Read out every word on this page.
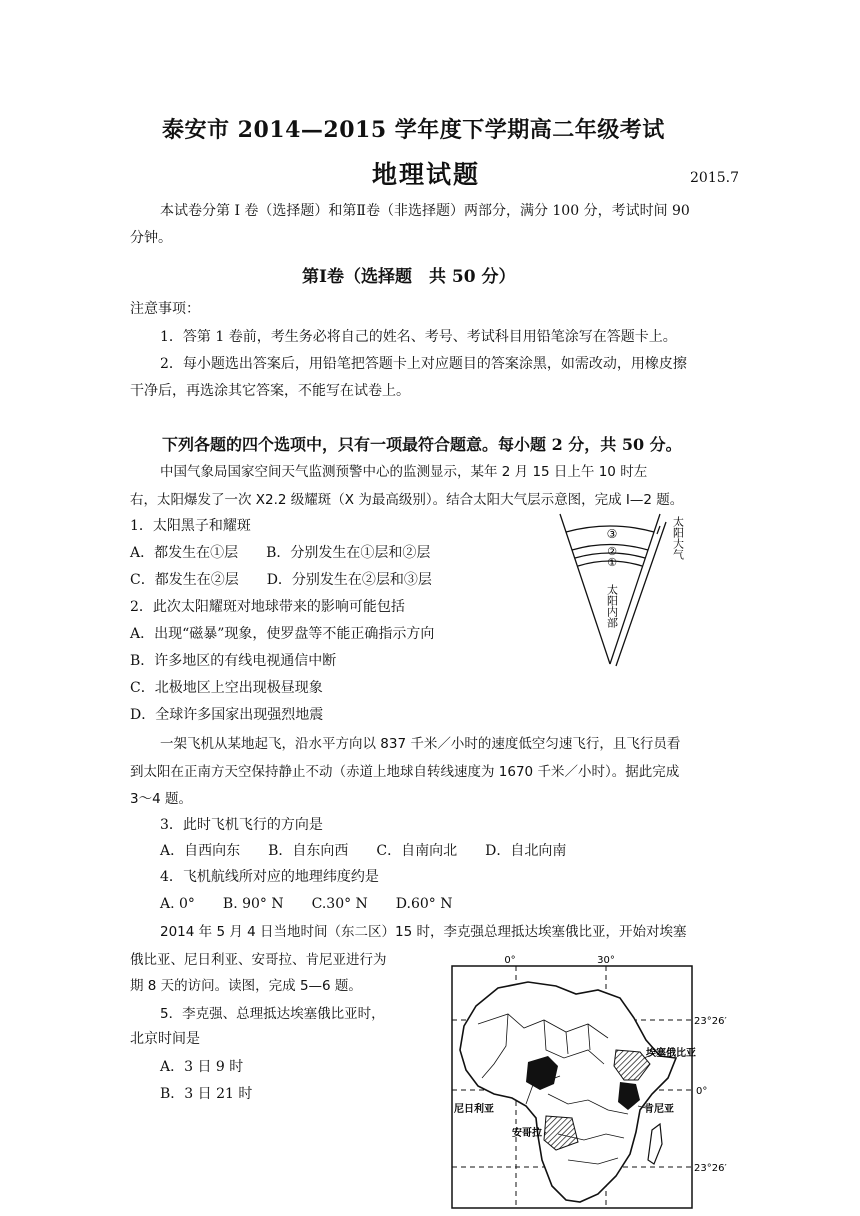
泰安市 2014—2015 学年度下学期高二年级考试
地理试题	2015.7
本试卷分第 I 卷（选择题）和第Ⅱ卷（非选择题）两部分，满分 100 分，考试时间 90
分钟。
第Ⅰ卷（选择题　共 50 分）
注意事项：
1．答第 1 卷前，考生务必将自己的姓名、考号、考试科目用铅笔涂写在答题卡上。
2．每小题选出答案后，用铅笔把答题卡上对应题目的答案涂黑，如需改动，用橡皮擦
干净后，再选涂其它答案，不能写在试卷上。
下列各题的四个选项中，只有一项最符合题意。每小题 2 分，共 50 分。
中国气象局国家空间天气监测预警中心的监测显示，某年 2 月 15 日上午 10 时左
右，太阳爆发了一次 X2.2 级耀斑（X 为最高级别）。结合太阳大气层示意图，完成 I—2 题。
1．太阳黑子和耀斑
A．都发生在①层　　B．分别发生在①层和②层
C．都发生在②层　　D．分别发生在②层和③层
2．此次太阳耀斑对地球带来的影响可能包括
A．出现“磁暴”现象，使罗盘等不能正确指示方向
B．许多地区的有线电视通信中断
C．北极地区上空出现极昼现象
D．全球许多国家出现强烈地震
③
②
①
太阳大气
太阳内部
一架飞机从某地起飞，沿水平方向以 837 千米／小时的速度低空匀速飞行，且飞行员看
到太阳在正南方天空保持静止不动（赤道上地球自转线速度为 1670 千米／小时）。据此完成
3～4 题。
3．此时飞机飞行的方向是
A．自西向东　　B．自东向西　　C．自南向北　　D．自北向南
4．飞机航线所对应的地理纬度约是
A. 0°　　B. 90° N　　C.30° N　　D.60° N
2014 年 5 月 4 日当地时间（东二区）15 时，李克强总理抵达埃塞俄比亚，开始对埃塞
俄比亚、尼日利亚、安哥拉、肯尼亚进行为
期 8 天的访问。读图，完成 5—6 题。
5．李克强、总理抵达埃塞俄比亚时，
北京时间是
A．3 日 9 时
B．3 日 21 时
0°	30°
23°26′
0°
23°26′
埃塞俄比亚
尼日利亚	肯尼亚
安哥拉
